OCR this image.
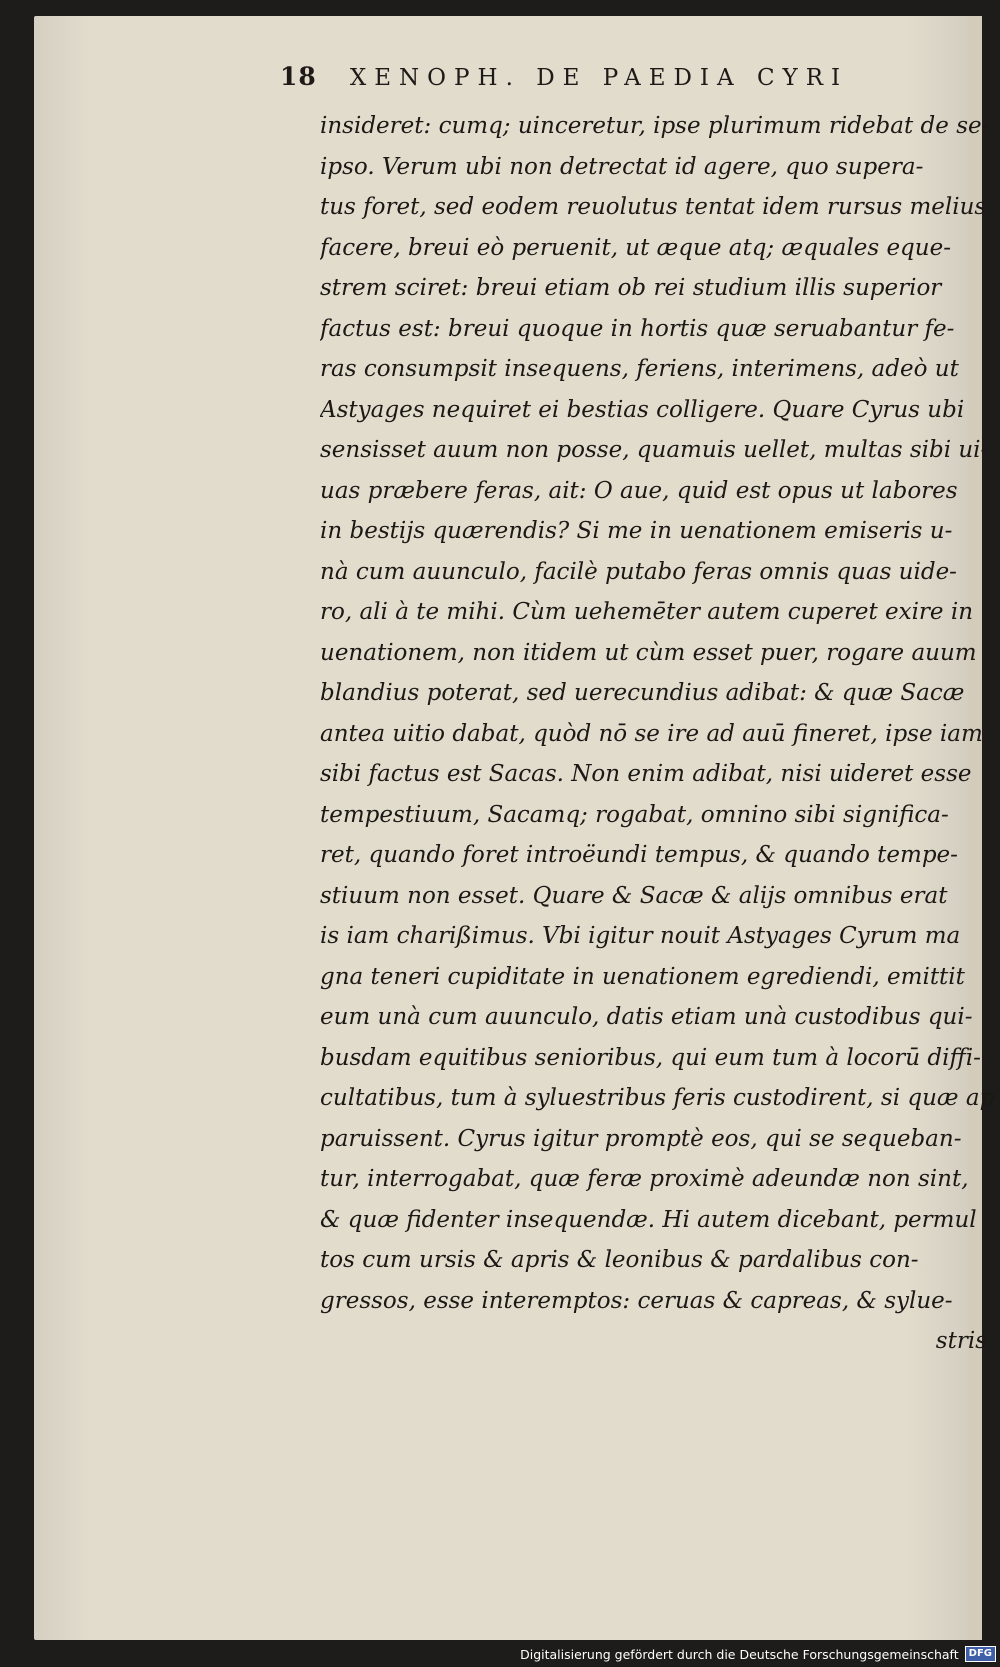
18 XENOPH. DE PAEDIA CYRI
insideret: cumq; uinceretur, ipse plurimum ridebat de se-
ipso. Verum ubi non detrectat id agere, quo supera-
tus foret, sed eodem reuolutus tentat idem rursus melius
facere, breui eò peruenit, ut æque atq; æquales eque-
strem sciret: breui etiam ob rei studium illis superior
factus est: breui quoque in hortis quæ seruabantur fe-
ras consumpsit insequens, feriens, interimens, adeò ut
Astyages nequiret ei bestias colligere. Quare Cyrus ubi
sensisset auum non posse, quamuis uellet, multas sibi ui-
uas præbere feras, ait: O aue, quid est opus ut labores
in bestijs quærendis? Si me in uenationem emiseris u-
nà cum auunculo, facilè putabo feras omnis quas uide-
ro, ali à te mihi. Cùm uehemēter autem cuperet exire in
uenationem, non itidem ut cùm esset puer, rogare auum
blandius poterat, sed uerecundius adibat: & quæ Sacæ
antea uitio dabat, quòd nō se ire ad auū fineret, ipse iam
sibi factus est Sacas. Non enim adibat, nisi uideret esse
tempestiuum, Sacamq; rogabat, omnino sibi significa-
ret, quando foret introëundi tempus, & quando tempe-
stiuum non esset. Quare & Sacæ & alijs omnibus erat
is iam charißimus. Vbi igitur nouit Astyages Cyrum ma
gna teneri cupiditate in uenationem egrediendi, emittit
eum unà cum auunculo, datis etiam unà custodibus qui-
busdam equitibus senioribus, qui eum tum à locorū diffi-
cultatibus, tum à syluestribus feris custodirent, si quæ ap
paruissent. Cyrus igitur promptè eos, qui se sequeban-
tur, interrogabat, quæ feræ proximè adeundæ non sint,
& quæ fidenter insequendæ. Hi autem dicebant, permul
tos cum ursis & apris & leonibus & pardalibus con-
gressos, esse interemptos: ceruas & capreas, & sylue-
stris
Digitalisierung gefördert durch die Deutsche Forschungsgemeinschaft	DFG
